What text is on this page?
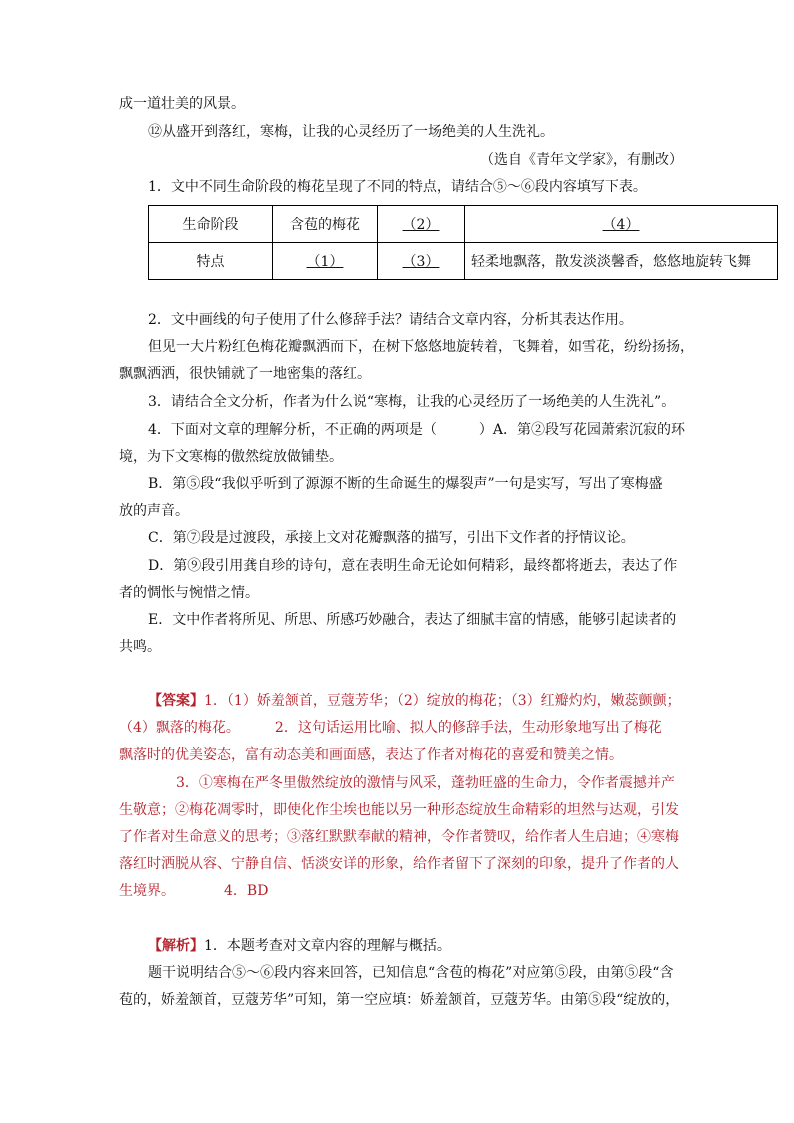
成一道壮美的风景。
⑫从盛开到落红，寒梅，让我的心灵经历了一场绝美的人生洗礼。
（选自《青年文学家》，有删改）
1．文中不同生命阶段的梅花呈现了不同的特点，请结合⑤～⑥段内容填写下表。
生命阶段	含苞的梅花	（2）	（4）
特点	（1）	（3）	轻柔地飘落，散发淡淡馨香，悠悠地旋转飞舞
2．文中画线的句子使用了什么修辞手法？请结合文章内容，分析其表达作用。
但见一大片粉红色梅花瓣飘洒而下，在树下悠悠地旋转着，飞舞着，如雪花，纷纷扬扬，
飘飘洒洒，很快铺就了一地密集的落红。
3．请结合全文分析，作者为什么说“寒梅，让我的心灵经历了一场绝美的人生洗礼”。
4．下面对文章的理解分析，不正确的两项是（　　　）A．第②段写花园萧索沉寂的环
境，为下文寒梅的傲然绽放做铺垫。
B．第⑤段“我似乎听到了源源不断的生命诞生的爆裂声”一句是实写，写出了寒梅盛
放的声音。
C．第⑦段是过渡段，承接上文对花瓣飘落的描写，引出下文作者的抒情议论。
D．第⑨段引用龚自珍的诗句，意在表明生命无论如何精彩，最终都将逝去，表达了作
者的惆怅与惋惜之情。
E．文中作者将所见、所思、所感巧妙融合，表达了细腻丰富的情感，能够引起读者的
共鸣。
【答案】1．（1）娇羞颔首，豆蔻芳华；（2）绽放的梅花；（3）红瓣灼灼，嫩蕊颤颤；
（4）飘落的梅花。　　　2．这句话运用比喻、拟人的修辞手法，生动形象地写出了梅花
飘落时的优美姿态，富有动态美和画面感，表达了作者对梅花的喜爱和赞美之情。
3．①寒梅在严冬里傲然绽放的激情与风采，蓬勃旺盛的生命力，令作者震撼并产
生敬意；②梅花凋零时，即使化作尘埃也能以另一种形态绽放生命精彩的坦然与达观，引发
了作者对生命意义的思考；③落红默默奉献的精神，令作者赞叹，给作者人生启迪；④寒梅
落红时洒脱从容、宁静自信、恬淡安详的形象，给作者留下了深刻的印象，提升了作者的人
生境界。　　　　4．BD
【解析】1．本题考查对文章内容的理解与概括。
题干说明结合⑤～⑥段内容来回答，已知信息“含苞的梅花”对应第⑤段，由第⑤段“含
苞的，娇羞颔首，豆蔻芳华”可知，第一空应填：娇羞颔首，豆蔻芳华。由第⑤段“绽放的，
